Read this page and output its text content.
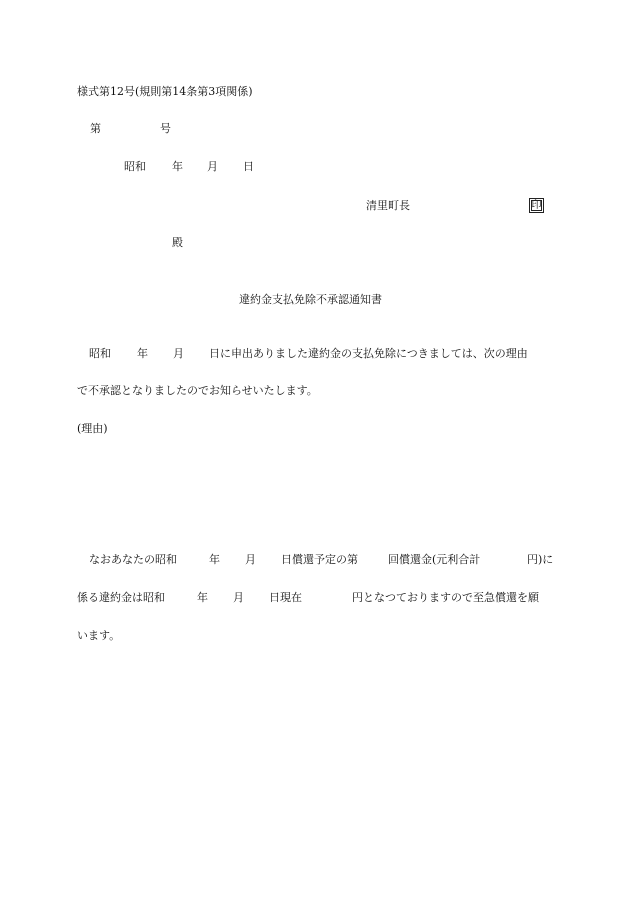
様式第12号(規則第14条第3項関係)
第	号
昭和 年 月 日
清里町長	印
殿
違約金支払免除不承認通知書
昭和 年 月 日に申出ありました違約金の支払免除につきましては、次の理由
で不承認となりましたのでお知らせいたします。
(理由)
なおあなたの昭和	年 月 日償還予定の第	回償還金(元利合計	円)に
係る違約金は昭和	年 月 日現在	円となつておりますので至急償還を願
います。
